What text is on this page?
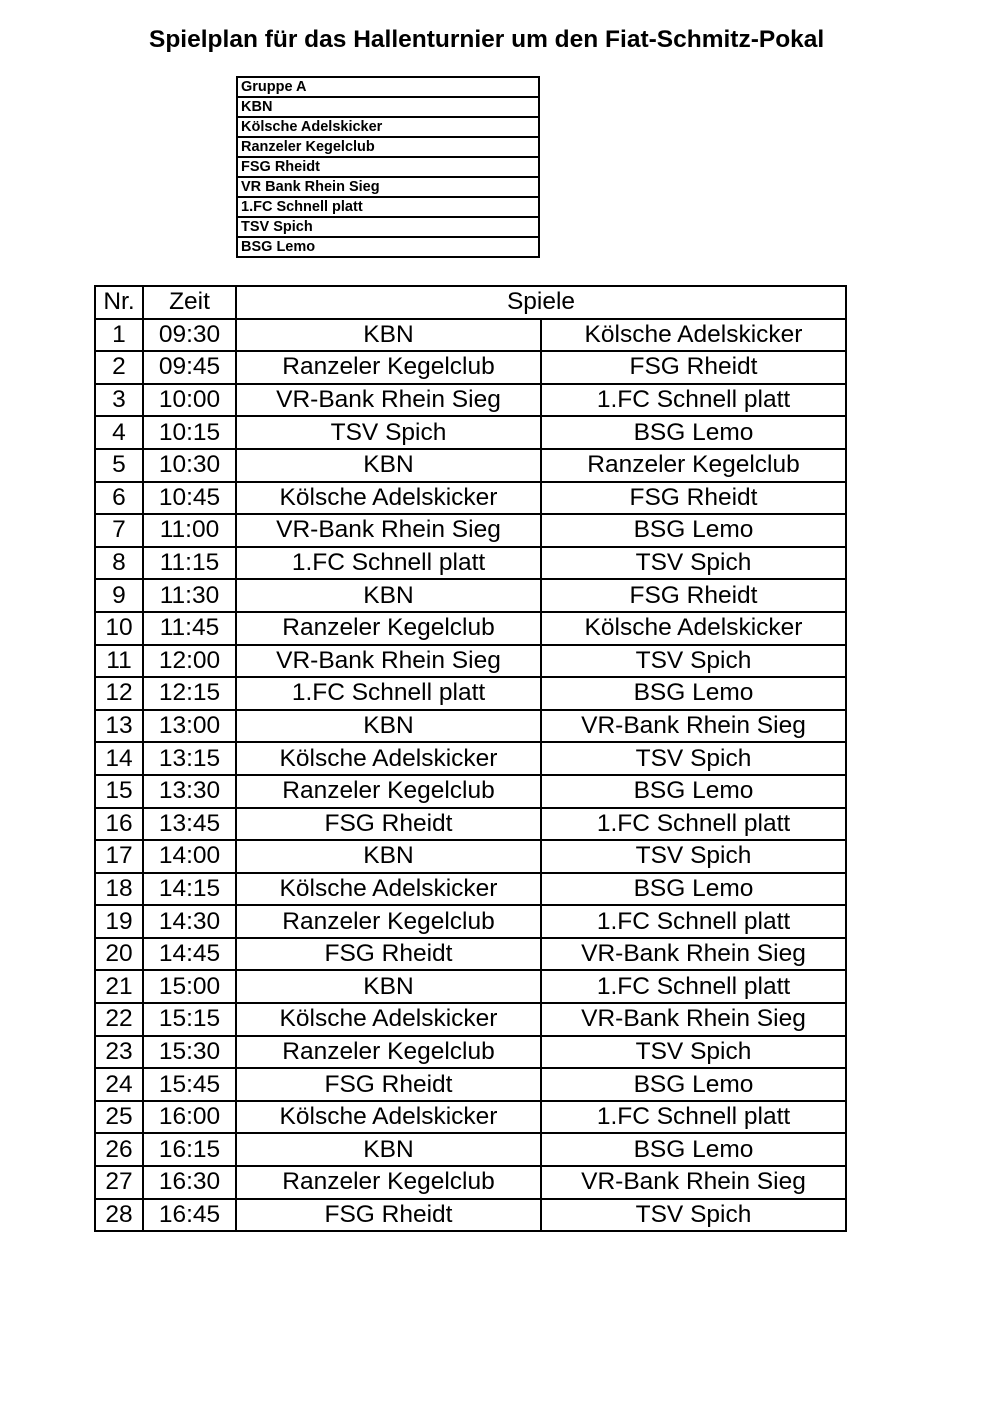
Spielplan für das Hallenturnier um den Fiat-Schmitz-Pokal
Gruppe A
KBN
Kölsche Adelskicker
Ranzeler Kegelclub
FSG Rheidt
VR Bank Rhein Sieg
1.FC Schnell platt
TSV Spich
BSG Lemo
Nr.	Zeit	Spiele	
1	09:30	KBN	Kölsche Adelskicker
2	09:45	Ranzeler Kegelclub	FSG Rheidt
3	10:00	VR-Bank Rhein Sieg	1.FC Schnell platt
4	10:15	TSV Spich	BSG Lemo
5	10:30	KBN	Ranzeler Kegelclub
6	10:45	Kölsche Adelskicker	FSG Rheidt
7	11:00	VR-Bank Rhein Sieg	BSG Lemo
8	11:15	1.FC Schnell platt	TSV Spich
9	11:30	KBN	FSG Rheidt
10	11:45	Ranzeler Kegelclub	Kölsche Adelskicker
11	12:00	VR-Bank Rhein Sieg	TSV Spich
12	12:15	1.FC Schnell platt	BSG Lemo
13	13:00	KBN	VR-Bank Rhein Sieg
14	13:15	Kölsche Adelskicker	TSV Spich
15	13:30	Ranzeler Kegelclub	BSG Lemo
16	13:45	FSG Rheidt	1.FC Schnell platt
17	14:00	KBN	TSV Spich
18	14:15	Kölsche Adelskicker	BSG Lemo
19	14:30	Ranzeler Kegelclub	1.FC Schnell platt
20	14:45	FSG Rheidt	VR-Bank Rhein Sieg
21	15:00	KBN	1.FC Schnell platt
22	15:15	Kölsche Adelskicker	VR-Bank Rhein Sieg
23	15:30	Ranzeler Kegelclub	TSV Spich
24	15:45	FSG Rheidt	BSG Lemo
25	16:00	Kölsche Adelskicker	1.FC Schnell platt
26	16:15	KBN	BSG Lemo
27	16:30	Ranzeler Kegelclub	VR-Bank Rhein Sieg
28	16:45	FSG Rheidt	TSV Spich
